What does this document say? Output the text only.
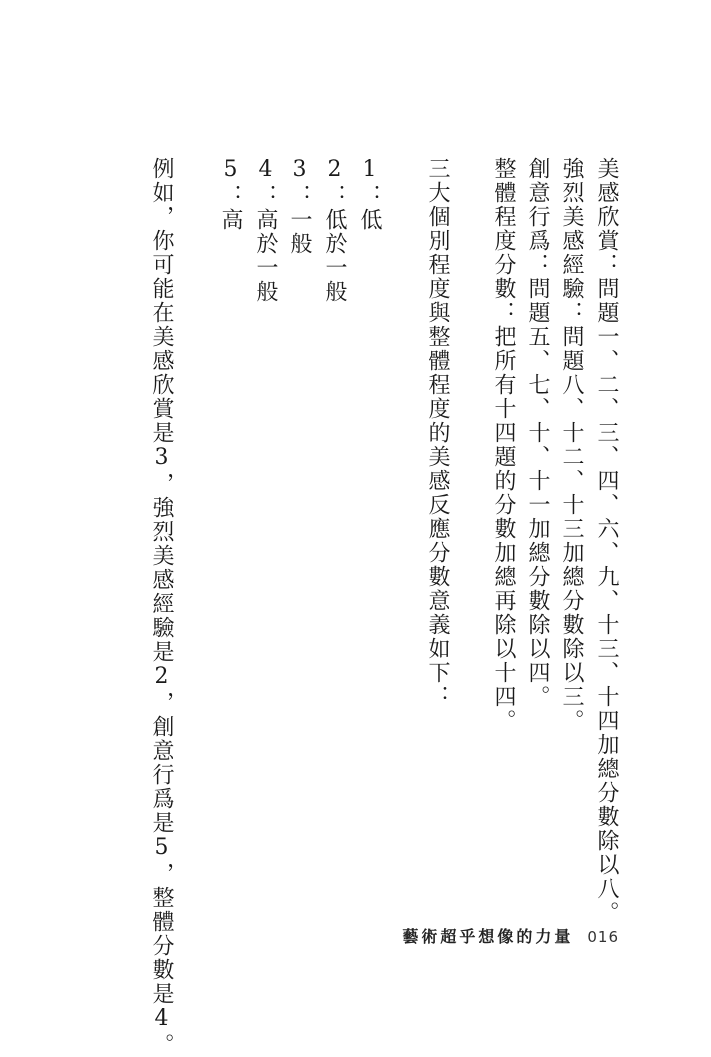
美感欣賞：問題一、二、三、四、六、九、十三、十四加總分數除以八。
強烈美感經驗：問題八、十二、十三加總分數除以三。
創意行爲：問題五、七、十、十一加總分數除以四。
整體程度分數：把所有十四題的分數加總再除以十四。
三大個別程度與整體程度的美感反應分數意義如下：
1：低
2：低於一般
3：一般
4：高於一般
5：高
例如，你可能在美感欣賞是3，強烈美感經驗是2，創意行爲是5，整體分數是4。	藝術超乎想像的力量 016
